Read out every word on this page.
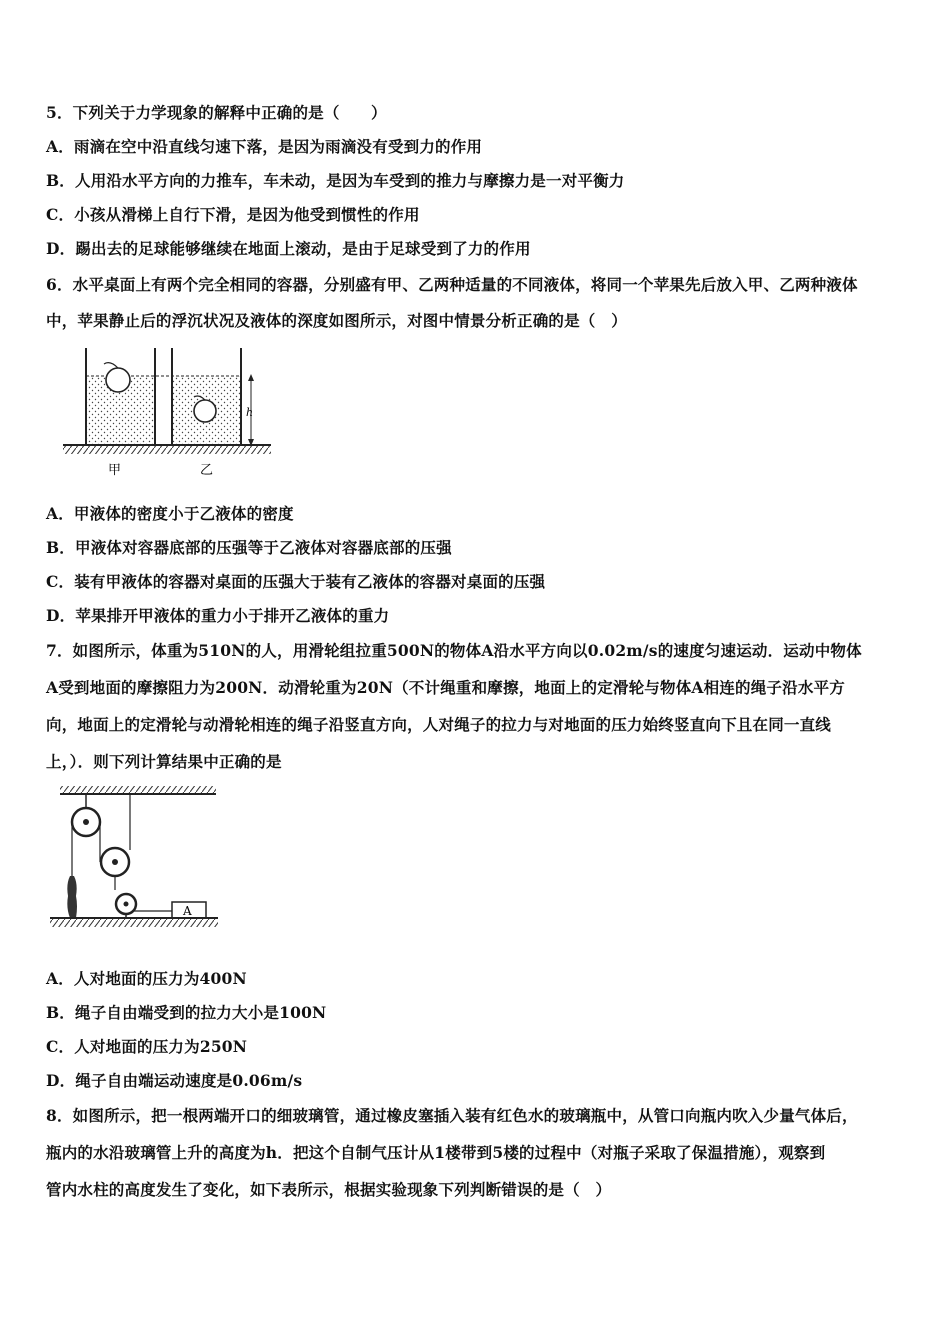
5．下列关于力学现象的解释中正确的是（　　）
A．雨滴在空中沿直线匀速下落，是因为雨滴没有受到力的作用
B．人用沿水平方向的力推车，车未动，是因为车受到的推力与摩擦力是一对平衡力
C．小孩从滑梯上自行下滑，是因为他受到惯性的作用
D．踢出去的足球能够继续在地面上滚动，是由于足球受到了力的作用
6．水平桌面上有两个完全相同的容器，分别盛有甲、乙两种适量的不同液体，将同一个苹果先后放入甲、乙两种液体
中，苹果静止后的浮沉状况及液体的深度如图所示，对图中情景分析正确的是（　）
h
甲	乙
A．甲液体的密度小于乙液体的密度
B．甲液体对容器底部的压强等于乙液体对容器底部的压强
C．装有甲液体的容器对桌面的压强大于装有乙液体的容器对桌面的压强
D．苹果排开甲液体的重力小于排开乙液体的重力
7．如图所示，体重为510N的人，用滑轮组拉重500N的物体A沿水平方向以0.02m/s的速度匀速运动．运动中物体
A受到地面的摩擦阻力为200N．动滑轮重为20N（不计绳重和摩擦，地面上的定滑轮与物体A相连的绳子沿水平方
向，地面上的定滑轮与动滑轮相连的绳子沿竖直方向，人对绳子的拉力与对地面的压力始终竖直向下且在同一直线
上，）．则下列计算结果中正确的是
A
A．人对地面的压力为400N
B．绳子自由端受到的拉力大小是100N
C．人对地面的压力为250N
D．绳子自由端运动速度是0.06m/s
8．如图所示，把一根两端开口的细玻璃管，通过橡皮塞插入装有红色水的玻璃瓶中，从管口向瓶内吹入少量气体后，
瓶内的水沿玻璃管上升的高度为h．把这个自制气压计从1楼带到5楼的过程中（对瓶子采取了保温措施），观察到
管内水柱的高度发生了变化，如下表所示，根据实验现象下列判断错误的是（　）
